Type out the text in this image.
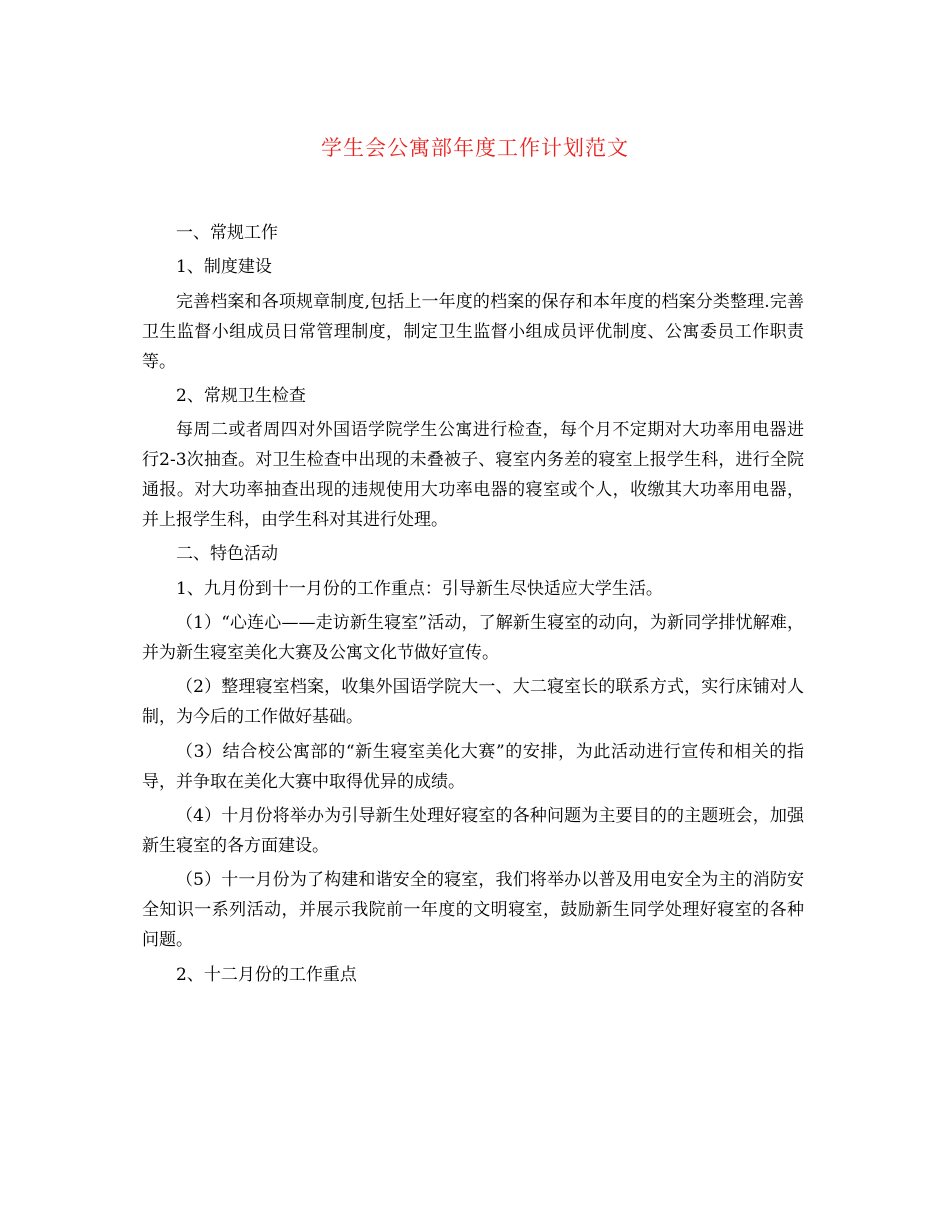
学生会公寓部年度工作计划范文

一、常规工作

1、制度建设

完善档案和各项规章制度,包括上一年度的档案的保存和本年度的档案分类整理.完善卫生监督小组成员日常管理制度，制定卫生监督小组成员评优制度、公寓委员工作职责等。

2、常规卫生检查

每周二或者周四对外国语学院学生公寓进行检查，每个月不定期对大功率用电器进行2-3次抽查。对卫生检查中出现的未叠被子、寝室内务差的寝室上报学生科，进行全院通报。对大功率抽查出现的违规使用大功率电器的寝室或个人，收缴其大功率用电器，并上报学生科，由学生科对其进行处理。

二、特色活动

1、九月份到十一月份的工作重点：引导新生尽快适应大学生活。

（1）“心连心——走访新生寝室”活动，了解新生寝室的动向，为新同学排忧解难，并为新生寝室美化大赛及公寓文化节做好宣传。

（2）整理寝室档案，收集外国语学院大一、大二寝室长的联系方式，实行床铺对人制，为今后的工作做好基础。

（3）结合校公寓部的“新生寝室美化大赛”的安排，为此活动进行宣传和相关的指导，并争取在美化大赛中取得优异的成绩。

（4）十月份将举办为引导新生处理好寝室的各种问题为主要目的的主题班会，加强新生寝室的各方面建设。

（5）十一月份为了构建和谐安全的寝室，我们将举办以普及用电安全为主的消防安全知识一系列活动，并展示我院前一年度的文明寝室，鼓励新生同学处理好寝室的各种问题。

2、十二月份的工作重点
